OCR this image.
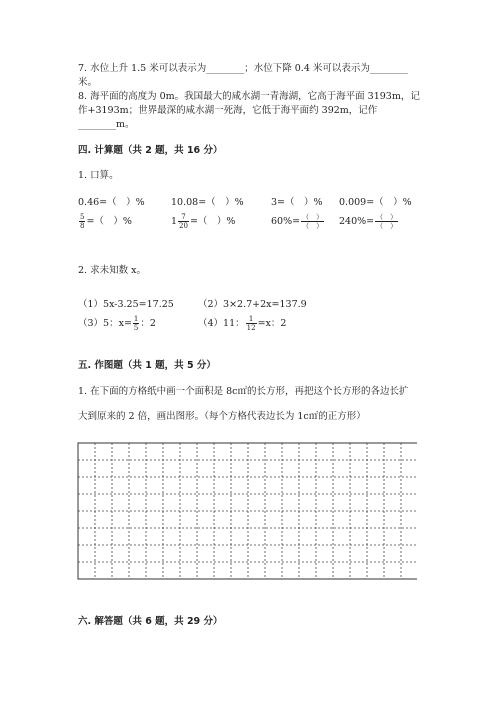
7. 水位上升 1.5 米可以表示为________；水位下降 0.4 米可以表示为________
米。
8. 海平面的高度为 0m。我国最大的咸水湖一青海湖，它高于海平面 3193m，记
作+3193m；世界最深的咸水湖一死海，它低于海平面约 392m，记作
________m。
四. 计算题（共 2 题，共 16 分）
1. 口算。
0.46=（　）%	10.08=（　）%	3=（　）% 0.009=（　）%
$\frac{5}{8}$ =（　）%	$1 \frac{7}{20}$ =（　）%	$60\%= \frac{( )}{( )} 240\%= \frac{( )}{( )}$
2. 求未知数 x。
（1）5x-3.25=17.25	（2）3×2.7+2x=137.9
（3）5：$x= \frac{1}{5}$ ：2	（4）11： $\frac{1}{12} =x$：2
五. 作图题（共 1 题，共 5 分）
1. 在下面的方格纸中画一个面积是 8c㎡的长方形，再把这个长方形的各边长扩
大到原来的 2 倍，画出图形。（每个方格代表边长为 1c㎡的正方形）
六. 解答题（共 6 题，共 29 分）
